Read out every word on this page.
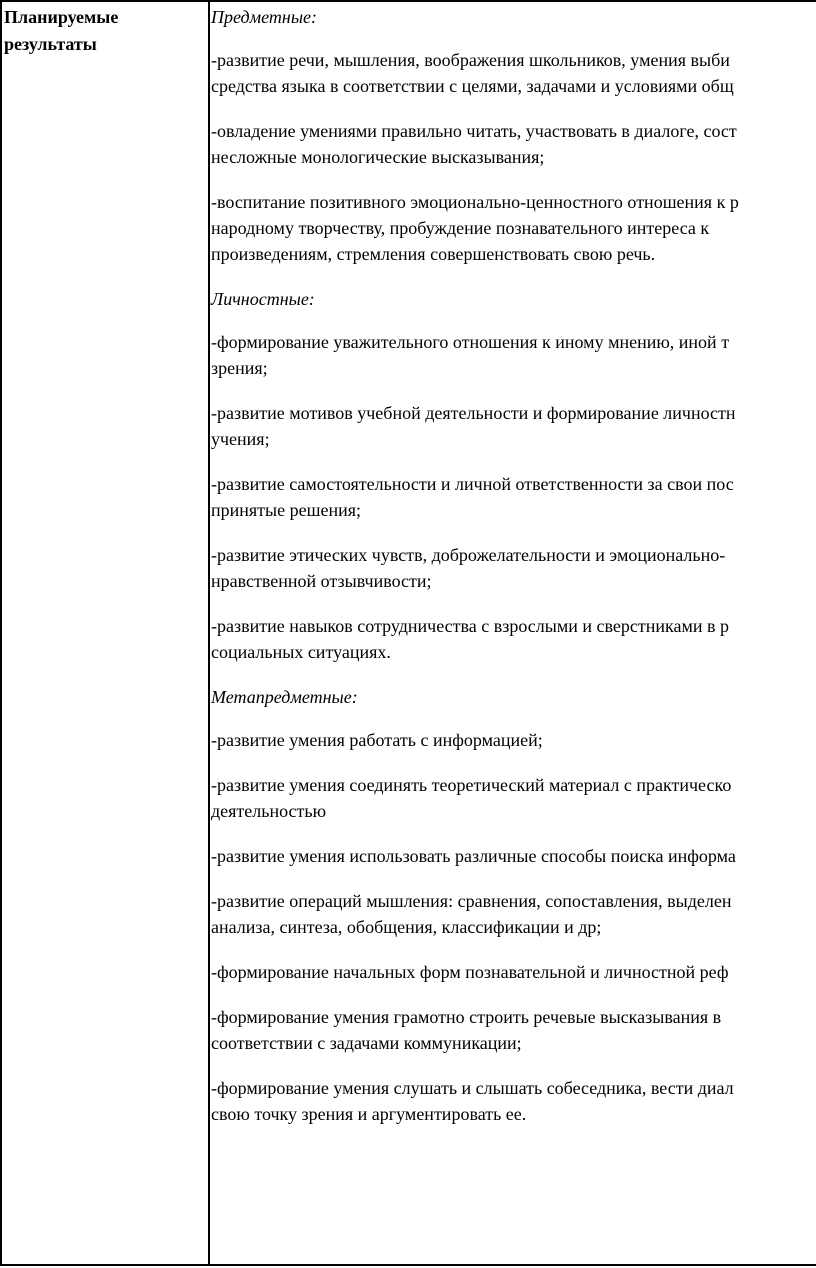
Планируемые
результаты
Предметные:
-развитие речи, мышления, воображения школьников, умения выби
средства языка в соответствии с целями, задачами и условиями общ
-овладение умениями правильно читать, участвовать в диалоге, сост
несложные монологические высказывания;
-воспитание позитивного эмоционально-ценностного отношения к р
народному творчеству, пробуждение познавательного интереса к
произведениям, стремления совершенствовать свою речь.
Личностные:
-формирование уважительного отношения к иному мнению, иной т
зрения;
-развитие мотивов учебной деятельности и формирование личностн
учения;
-развитие самостоятельности и личной ответственности за свои пос
принятые решения;
-развитие этических чувств, доброжелательности и эмоционально-
нравственной отзывчивости;
-развитие навыков сотрудничества с взрослыми и сверстниками в р
социальных ситуациях.
Метапредметные:
-развитие умения работать с информацией;
-развитие умения соединять теоретический материал с практическо
деятельностью
-развитие умения использовать различные способы поиска информа
-развитие операций мышления: сравнения, сопоставления, выделен
анализа, синтеза, обобщения, классификации и др;
-формирование начальных форм познавательной и личностной реф
-формирование умения грамотно строить речевые высказывания в
соответствии с задачами коммуникации;
-формирование умения слушать и слышать собеседника, вести диал
свою точку зрения и аргументировать ее.
